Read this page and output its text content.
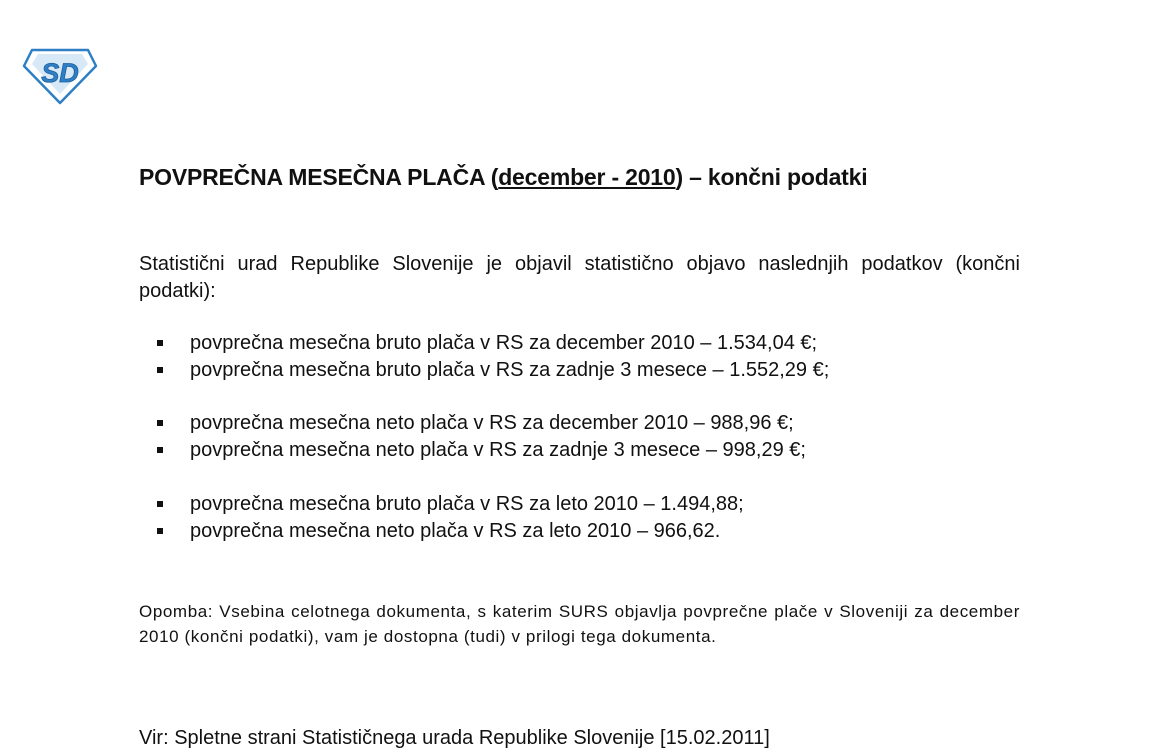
SD
POVPREČNA MESEČNA PLAČA (december - 2010) – končni podatki

Statistični urad Republike Slovenije je objavil statistično objavo naslednjih podatkov (končni podatki):

povprečna mesečna bruto plača v RS za december 2010 – 1.534,04 €;
povprečna mesečna bruto plača v RS za zadnje 3 mesece – 1.552,29 €;
povprečna mesečna neto plača v RS za december 2010 – 988,96 €;
povprečna mesečna neto plača v RS za zadnje 3 mesece – 998,29 €;
povprečna mesečna bruto plača v RS za leto 2010 – 1.494,88;
povprečna mesečna neto plača v RS za leto 2010 – 966,62.

Opomba: Vsebina celotnega dokumenta, s katerim SURS objavlja povprečne plače v Sloveniji za december 2010 (končni podatki), vam je dostopna (tudi) v prilogi tega dokumenta.

Vir: Spletne strani Statističnega urada Republike Slovenije [15.02.2011]
